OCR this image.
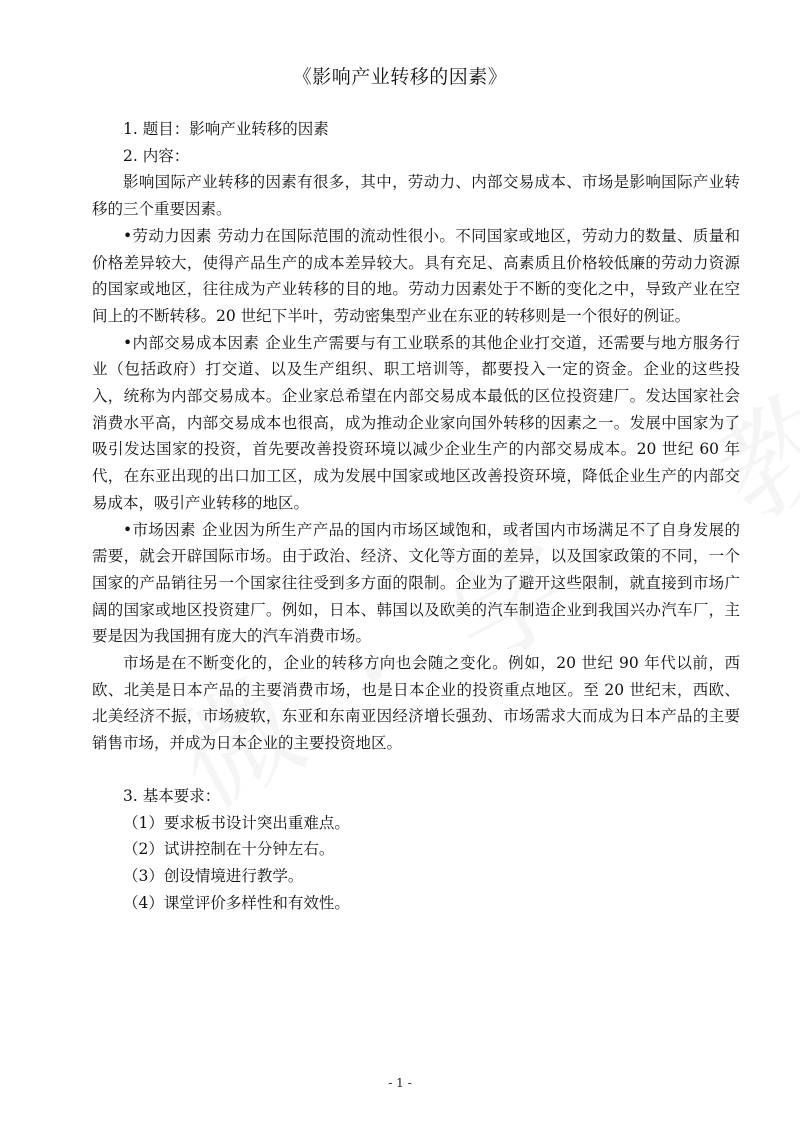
《影响产业转移的因素》

1. 题目：影响产业转移的因素

2. 内容：

影响国际产业转移的因素有很多，其中，劳动力、内部交易成本、市场是影响国际产业转移的三个重要因素。

•劳动力因素 劳动力在国际范围的流动性很小。不同国家或地区，劳动力的数量、质量和价格差异较大，使得产品生产的成本差异较大。具有充足、高素质且价格较低廉的劳动力资源的国家或地区，往往成为产业转移的目的地。劳动力因素处于不断的变化之中，导致产业在空间上的不断转移。20 世纪下半叶，劳动密集型产业在东亚的转移则是一个很好的例证。

•内部交易成本因素 企业生产需要与有工业联系的其他企业打交道，还需要与地方服务行业（包括政府）打交道、以及生产组织、职工培训等，都要投入一定的资金。企业的这些投入，统称为内部交易成本。企业家总希望在内部交易成本最低的区位投资建厂。发达国家社会消费水平高，内部交易成本也很高，成为推动企业家向国外转移的因素之一。发展中国家为了吸引发达国家的投资，首先要改善投资环境以减少企业生产的内部交易成本。20 世纪 60 年代，在东亚出现的出口加工区，成为发展中国家或地区改善投资环境，降低企业生产的内部交易成本，吸引产业转移的地区。

•市场因素 企业因为所生产产品的国内市场区域饱和，或者国内市场满足不了自身发展的需要，就会开辟国际市场。由于政治、经济、文化等方面的差异，以及国家政策的不同，一个国家的产品销往另一个国家往往受到多方面的限制。企业为了避开这些限制，就直接到市场广阔的国家或地区投资建厂。例如，日本、韩国以及欧美的汽车制造企业到我国兴办汽车厂，主要是因为我国拥有庞大的汽车消费市场。

市场是在不断变化的，企业的转移方向也会随之变化。例如，20 世纪 90 年代以前，西欧、北美是日本产品的主要消费市场，也是日本企业的投资重点地区。至 20 世纪末，西欧、北美经济不振，市场疲软，东亚和东南亚因经济增长强劲、市场需求大而成为日本产品的主要销售市场，并成为日本企业的主要投资地区。

3. 基本要求：

（1）要求板书设计突出重难点。

（2）试讲控制在十分钟左右。

（3）创设情境进行教学。

（4）课堂评价多样性和有效性。

- 1 -
